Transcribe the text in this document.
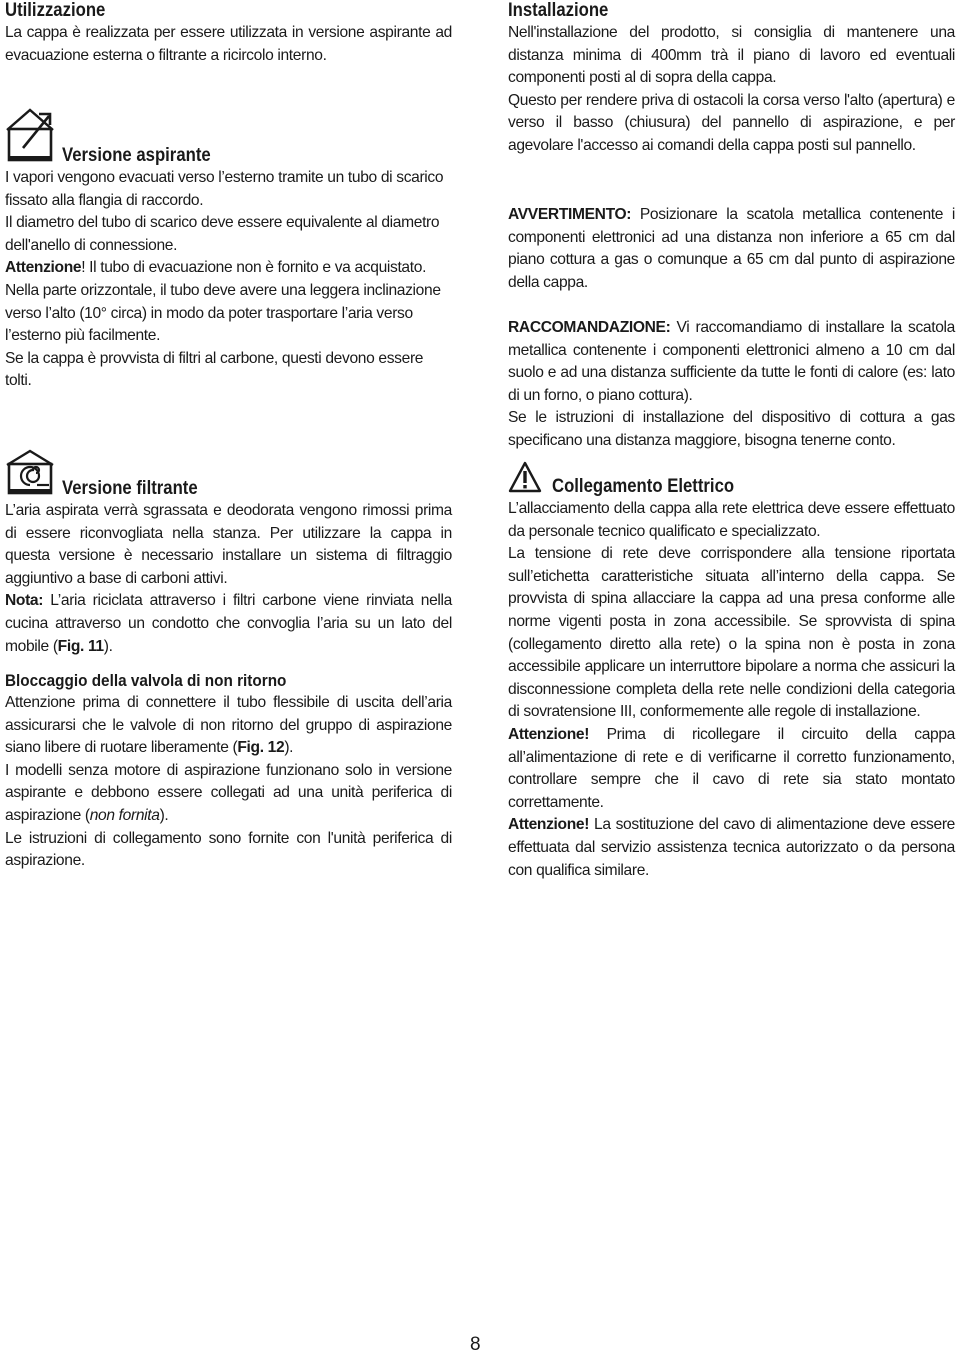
Utilizzazione

La cappa è realizzata per essere utilizzata in versione aspirante ad evacuazione esterna o filtrante a ricircolo interno.

Versione aspirante

I vapori vengono evacuati verso l’esterno tramite un tubo di scarico fissato alla flangia di raccordo.

Il diametro del tubo di scarico deve essere equivalente al diametro dell'anello di connessione.

Attenzione! Il tubo di evacuazione non è fornito e va acquistato.

Nella parte orizzontale, il tubo deve avere una leggera inclinazione verso l’alto (10° circa) in modo da poter trasportare l’aria verso l’esterno più facilmente.

Se la cappa è provvista di filtri al carbone, questi devono essere tolti.

Versione filtrante

L’aria aspirata verrà sgrassata e deodorata vengono rimossi prima di essere riconvogliata nella stanza. Per utilizzare la cappa in questa versione è necessario installare un sistema di filtraggio aggiuntivo a base di carboni attivi.

Nota: L’aria riciclata attraverso i filtri carbone viene rinviata nella cucina attraverso un condotto che convoglia l’aria su un lato del mobile (Fig. 11).

Bloccaggio della valvola di non ritorno

Attenzione prima di connettere il tubo flessibile di uscita dell’aria assicurarsi che le valvole di non ritorno del gruppo di aspirazione siano libere di ruotare liberamente (Fig. 12).

I modelli senza motore di aspirazione funzionano solo in versione aspirante e debbono essere collegati ad una unità periferica di aspirazione (non fornita).

Le istruzioni di collegamento sono fornite con l'unità periferica di aspirazione.

Installazione

Nell'installazione del prodotto, si consiglia di mantenere una distanza minima di 400mm trà il piano di lavoro ed eventuali componenti posti al di sopra della cappa.

Questo per rendere priva di ostacoli la corsa verso l'alto (apertura) e verso il basso (chiusura) del pannello di aspirazione, e per agevolare l'accesso ai comandi della cappa posti sul pannello.

AVVERTIMENTO: Posizionare la scatola metallica contenente i componenti elettronici ad una distanza non inferiore a 65 cm dal piano cottura a gas o comunque a 65 cm dal punto di aspirazione della cappa.

RACCOMANDAZIONE: Vi raccomandiamo di installare la scatola metallica contenente i componenti elettronici almeno a 10 cm dal suolo e ad una distanza sufficiente da tutte le fonti di calore (es: lato di un forno, o piano cottura).

Se le istruzioni di installazione del dispositivo di cottura a gas specificano una distanza maggiore, bisogna tenerne conto.

Collegamento Elettrico

L’allacciamento della cappa alla rete elettrica deve essere effettuato da personale tecnico qualificato e specializzato.

La tensione di rete deve corrispondere alla tensione riportata sull’etichetta caratteristiche situata all’interno della cappa. Se provvista di spina allacciare la cappa ad una presa conforme alle norme vigenti posta in zona accessibile. Se sprovvista di spina (collegamento diretto alla rete) o la spina non è posta in zona accessibile applicare un interruttore bipolare a norma che assicuri la disconnessione completa della rete nelle condizioni della categoria di sovratensione III, conformemente alle regole di installazione.

Attenzione! Prima di ricollegare il circuito della cappa all’alimentazione di rete e di verificarne il corretto funzionamento, controllare sempre che il cavo di rete sia stato montato correttamente.

Attenzione! La sostituzione del cavo di alimentazione deve essere effettuata dal servizio assistenza tecnica autorizzato o da persona con qualifica similare.

8
